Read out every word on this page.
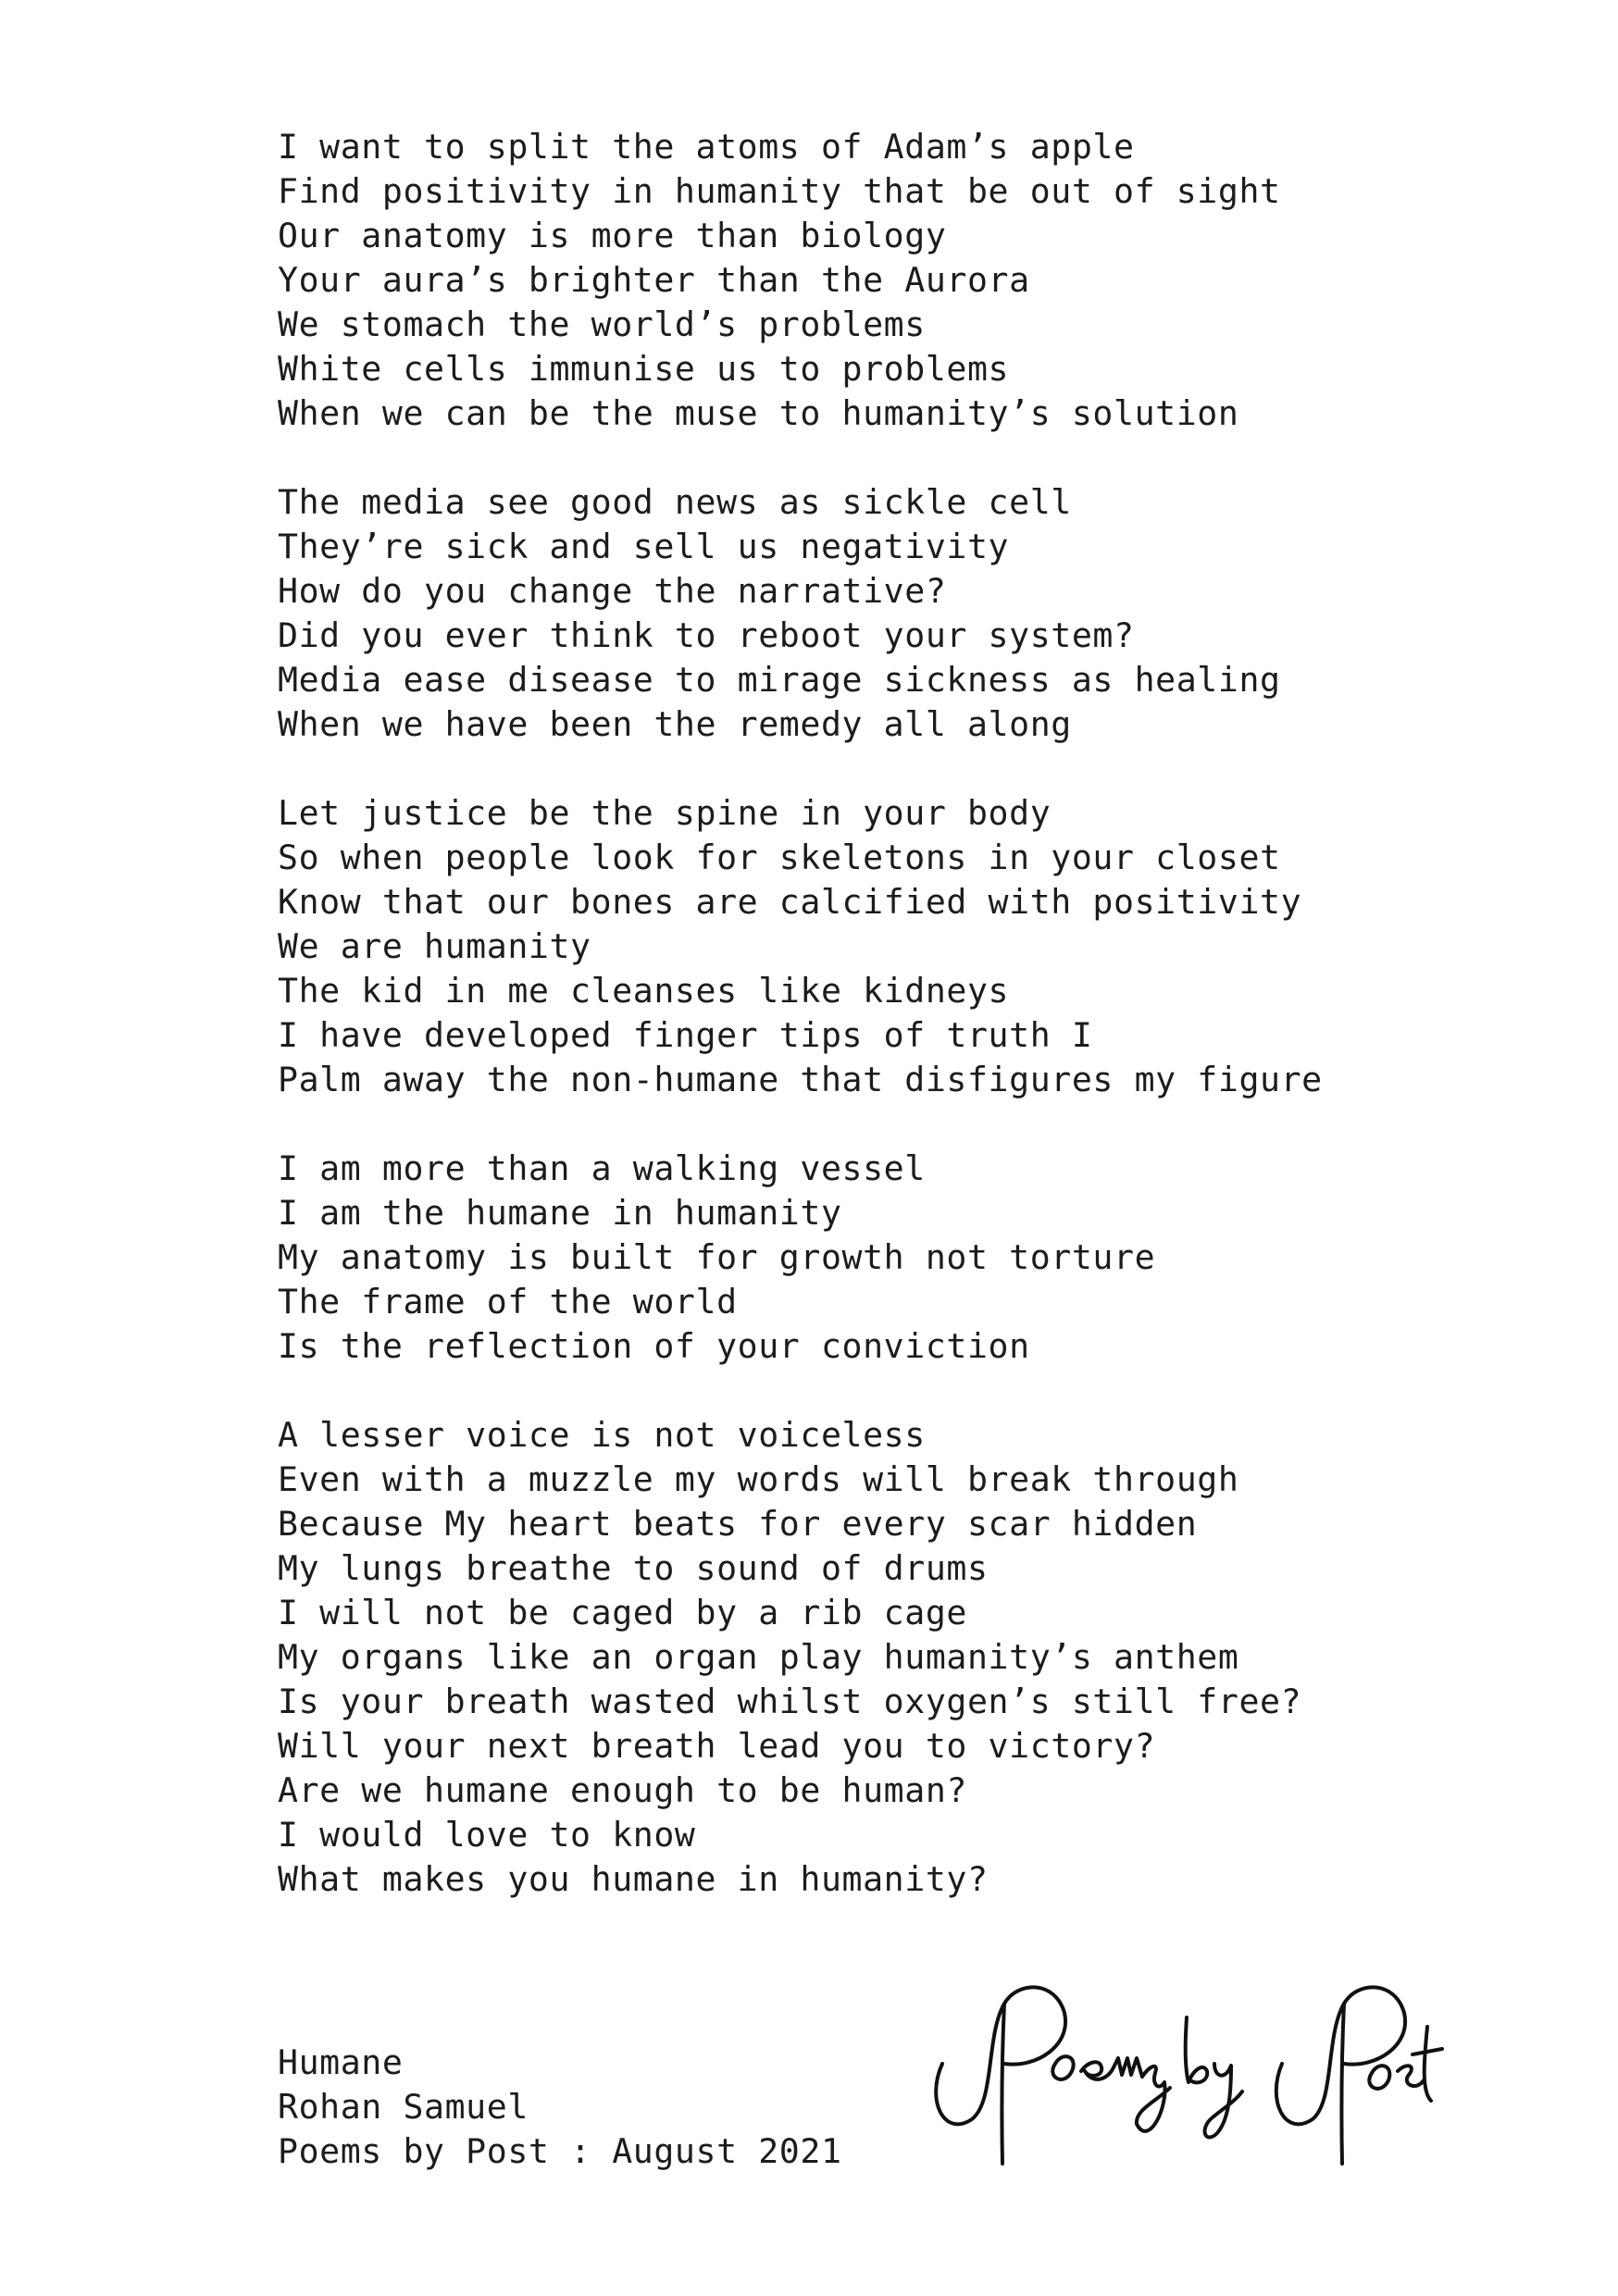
I want to split the atoms of Adam’s apple
Find positivity in humanity that be out of sight
Our anatomy is more than biology
Your aura’s brighter than the Aurora
We stomach the world’s problems
White cells immunise us to problems
When we can be the muse to humanity’s solution
The media see good news as sickle cell
They’re sick and sell us negativity
How do you change the narrative?
Did you ever think to reboot your system?
Media ease disease to mirage sickness as healing
When we have been the remedy all along
Let justice be the spine in your body
So when people look for skeletons in your closet
Know that our bones are calcified with positivity
We are humanity
The kid in me cleanses like kidneys
I have developed finger tips of truth I
Palm away the non-humane that disfigures my figure
I am more than a walking vessel
I am the humane in humanity
My anatomy is built for growth not torture
The frame of the world
Is the reflection of your conviction
A lesser voice is not voiceless
Even with a muzzle my words will break through
Because My heart beats for every scar hidden
My lungs breathe to sound of drums
I will not be caged by a rib cage
My organs like an organ play humanity’s anthem
Is your breath wasted whilst oxygen’s still free?
Will your next breath lead you to victory?
Are we humane enough to be human?
I would love to know
What makes you humane in humanity?
Humane
Rohan Samuel
Poems by Post : August 2021
